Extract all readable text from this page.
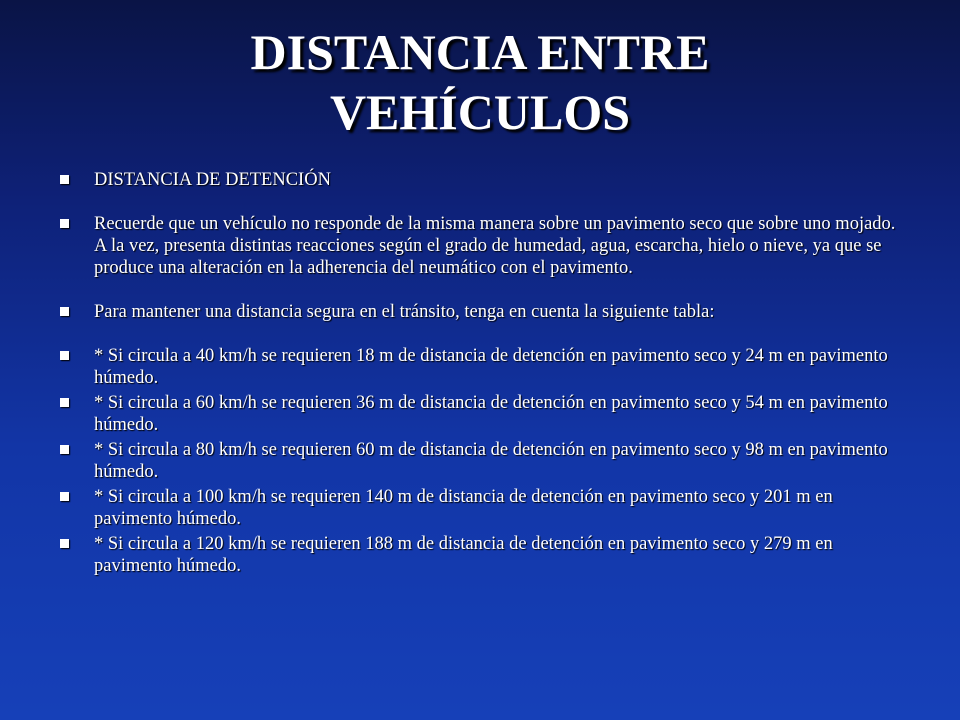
DISTANCIA ENTRE
VEHÍCULOS
DISTANCIA DE DETENCIÓN
Recuerde que un vehículo no responde de la misma manera sobre un pavimento seco que sobre uno mojado. A la vez, presenta distintas reacciones según el grado de humedad, agua, escarcha, hielo o nieve, ya que se produce una alteración en la adherencia del neumático con el pavimento.
Para mantener una distancia segura en el tránsito, tenga en cuenta la siguiente tabla:
* Si circula a 40 km/h se requieren 18 m de distancia de detención en pavimento seco y 24 m en pavimento húmedo.
* Si circula a 60 km/h se requieren 36 m de distancia de detención en pavimento seco y 54 m en pavimento húmedo.
* Si circula a 80 km/h se requieren 60 m de distancia de detención en pavimento seco y 98 m en pavimento húmedo.
* Si circula a 100 km/h se requieren 140 m de distancia de detención en pavimento seco y 201 m en pavimento húmedo.
* Si circula a 120 km/h se requieren 188 m de distancia de detención en pavimento seco y 279 m en pavimento húmedo.
